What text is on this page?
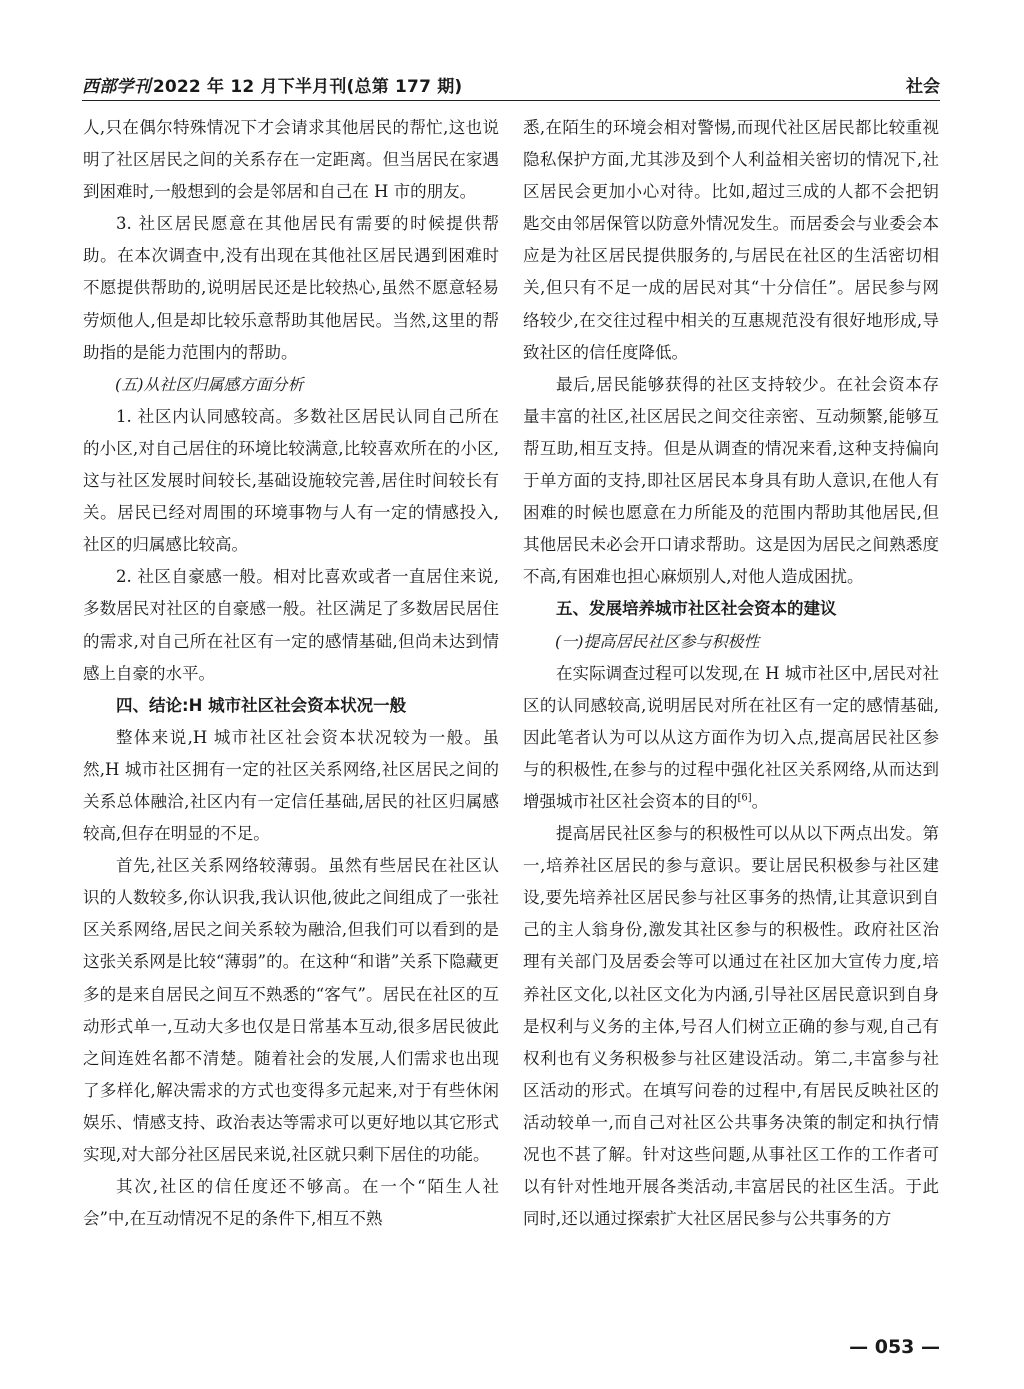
西部学刊 2022 年 12 月下半月刊(总第 177 期)	社会

人,只在偶尔特殊情况下才会请求其他居民的帮忙,这也说明了社区居民之间的关系存在一定距离。但当居民在家遇到困难时,一般想到的会是邻居和自己在 H 市的朋友。

3. 社区居民愿意在其他居民有需要的时候提供帮助。在本次调查中,没有出现在其他社区居民遇到困难时不愿提供帮助的,说明居民还是比较热心,虽然不愿意轻易劳烦他人,但是却比较乐意帮助其他居民。当然,这里的帮助指的是能力范围内的帮助。

(五)从社区归属感方面分析

1. 社区内认同感较高。多数社区居民认同自己所在的小区,对自己居住的环境比较满意,比较喜欢所在的小区,这与社区发展时间较长,基础设施较完善,居住时间较长有关。居民已经对周围的环境事物与人有一定的情感投入,社区的归属感比较高。

2. 社区自豪感一般。相对比喜欢或者一直居住来说,多数居民对社区的自豪感一般。社区满足了多数居民居住的需求,对自己所在社区有一定的感情基础,但尚未达到情感上自豪的水平。

四、结论:H 城市社区社会资本状况一般

整体来说,H 城市社区社会资本状况较为一般。虽然,H 城市社区拥有一定的社区关系网络,社区居民之间的关系总体融洽,社区内有一定信任基础,居民的社区归属感较高,但存在明显的不足。

首先,社区关系网络较薄弱。虽然有些居民在社区认识的人数较多,你认识我,我认识他,彼此之间组成了一张社区关系网络,居民之间关系较为融洽,但我们可以看到的是这张关系网是比较“薄弱”的。在这种“和谐”关系下隐藏更多的是来自居民之间互不熟悉的“客气”。居民在社区的互动形式单一,互动大多也仅是日常基本互动,很多居民彼此之间连姓名都不清楚。随着社会的发展,人们需求也出现了多样化,解决需求的方式也变得多元起来,对于有些休闲娱乐、情感支持、政治表达等需求可以更好地以其它形式实现,对大部分社区居民来说,社区就只剩下居住的功能。

其次,社区的信任度还不够高。在一个“陌生人社会”中,在互动情况不足的条件下,相互不熟

悉,在陌生的环境会相对警惕,而现代社区居民都比较重视隐私保护方面,尤其涉及到个人利益相关密切的情况下,社区居民会更加小心对待。比如,超过三成的人都不会把钥匙交由邻居保管以防意外情况发生。而居委会与业委会本应是为社区居民提供服务的,与居民在社区的生活密切相关,但只有不足一成的居民对其“十分信任”。居民参与网络较少,在交往过程中相关的互惠规范没有很好地形成,导致社区的信任度降低。

最后,居民能够获得的社区支持较少。在社会资本存量丰富的社区,社区居民之间交往亲密、互动频繁,能够互帮互助,相互支持。但是从调查的情况来看,这种支持偏向于单方面的支持,即社区居民本身具有助人意识,在他人有困难的时候也愿意在力所能及的范围内帮助其他居民,但其他居民未必会开口请求帮助。这是因为居民之间熟悉度不高,有困难也担心麻烦别人,对他人造成困扰。

五、发展培养城市社区社会资本的建议
(一)提高居民社区参与积极性

在实际调查过程可以发现,在 H 城市社区中,居民对社区的认同感较高,说明居民对所在社区有一定的感情基础,因此笔者认为可以从这方面作为切入点,提高居民社区参与的积极性,在参与的过程中强化社区关系网络,从而达到增强城市社区社会资本的目的[6]。

提高居民社区参与的积极性可以从以下两点出发。第一,培养社区居民的参与意识。要让居民积极参与社区建设,要先培养社区居民参与社区事务的热情,让其意识到自己的主人翁身份,激发其社区参与的积极性。政府社区治理有关部门及居委会等可以通过在社区加大宣传力度,培养社区文化,以社区文化为内涵,引导社区居民意识到自身是权利与义务的主体,号召人们树立正确的参与观,自己有权利也有义务积极参与社区建设活动。第二,丰富参与社区活动的形式。在填写问卷的过程中,有居民反映社区的活动较单一,而自己对社区公共事务决策的制定和执行情况也不甚了解。针对这些问题,从事社区工作的工作者可以有针对性地开展各类活动,丰富居民的社区生活。于此同时,还以通过探索扩大社区居民参与公共事务的方

— 053 —
